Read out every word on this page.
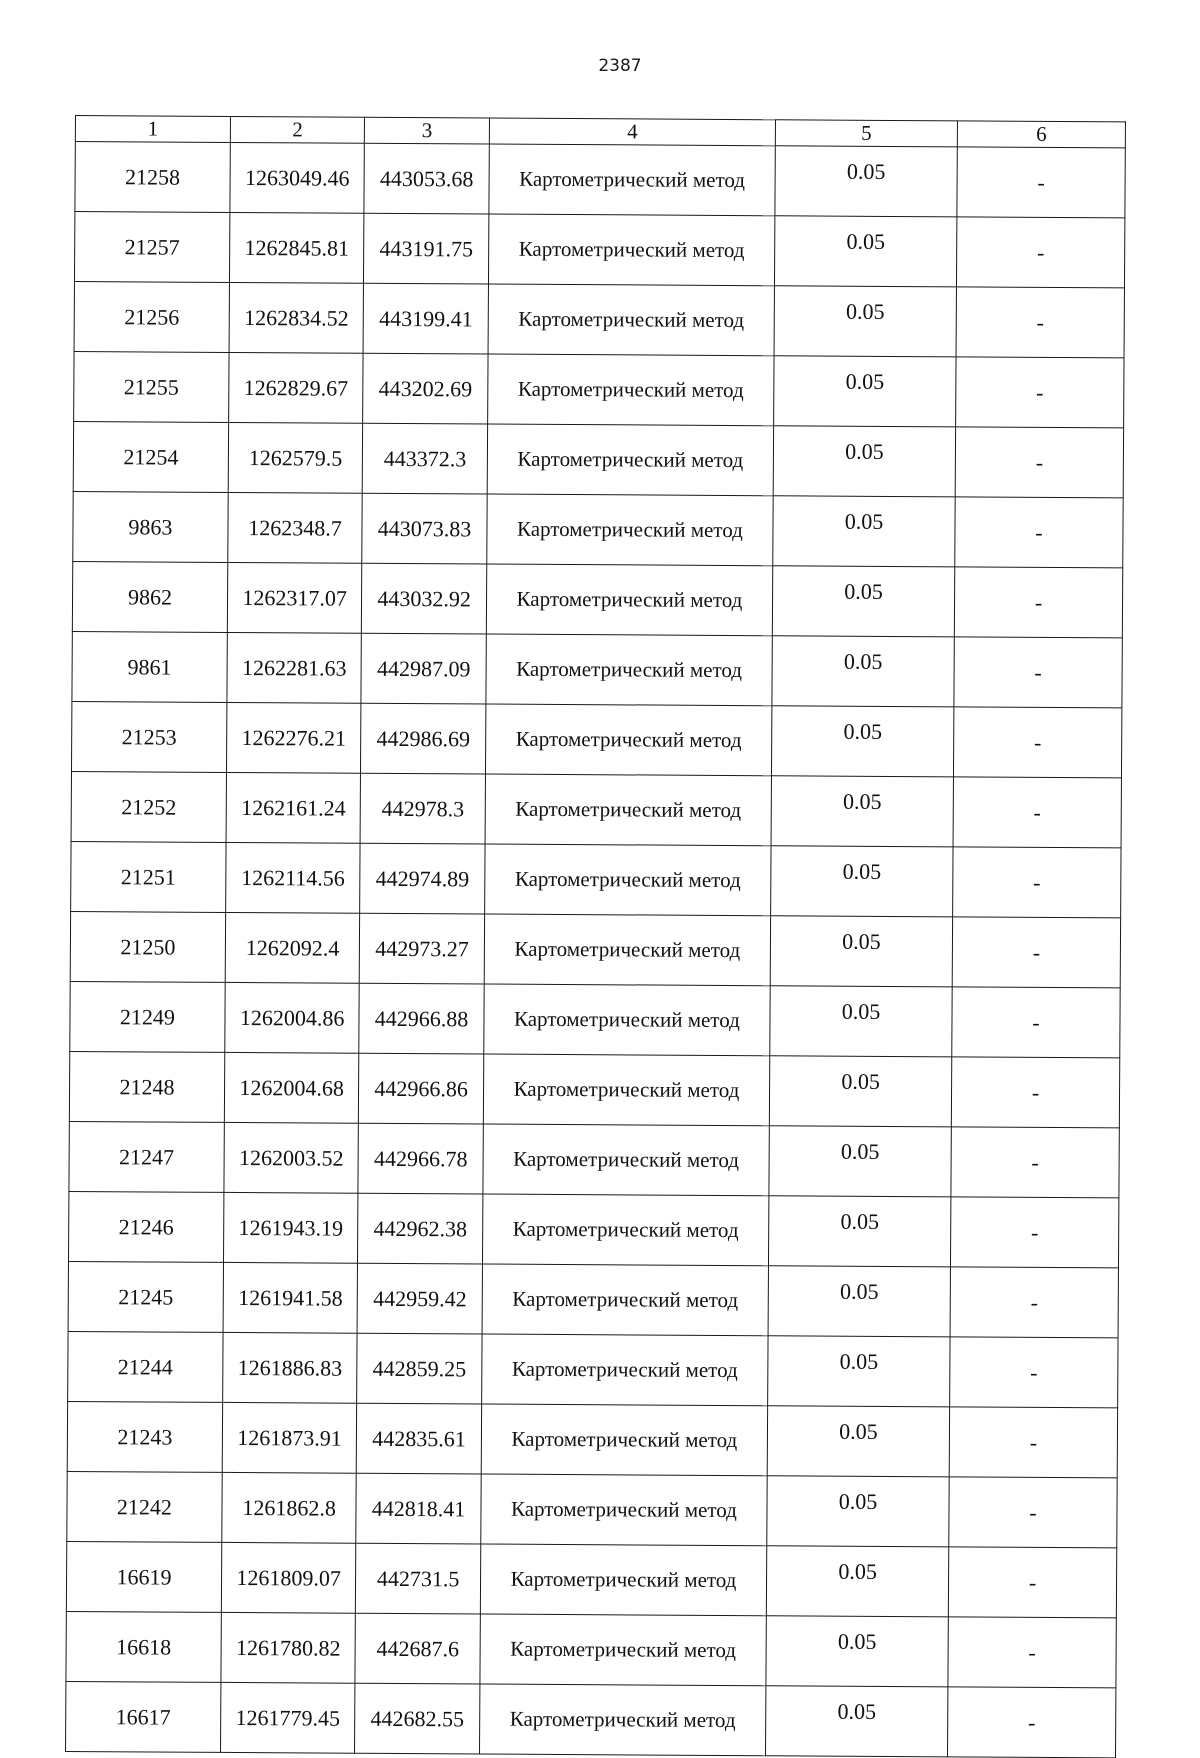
2387
1	2	3	4	5	6
21258	1263049.46	443053.68	Картометрический метод	0.05	-
21257	1262845.81	443191.75	Картометрический метод	0.05	-
21256	1262834.52	443199.41	Картометрический метод	0.05	-
21255	1262829.67	443202.69	Картометрический метод	0.05	-
21254	1262579.5	443372.3	Картометрический метод	0.05	-
9863	1262348.7	443073.83	Картометрический метод	0.05	-
9862	1262317.07	443032.92	Картометрический метод	0.05	-
9861	1262281.63	442987.09	Картометрический метод	0.05	-
21253	1262276.21	442986.69	Картометрический метод	0.05	-
21252	1262161.24	442978.3	Картометрический метод	0.05	-
21251	1262114.56	442974.89	Картометрический метод	0.05	-
21250	1262092.4	442973.27	Картометрический метод	0.05	-
21249	1262004.86	442966.88	Картометрический метод	0.05	-
21248	1262004.68	442966.86	Картометрический метод	0.05	-
21247	1262003.52	442966.78	Картометрический метод	0.05	-
21246	1261943.19	442962.38	Картометрический метод	0.05	-
21245	1261941.58	442959.42	Картометрический метод	0.05	-
21244	1261886.83	442859.25	Картометрический метод	0.05	-
21243	1261873.91	442835.61	Картометрический метод	0.05	-
21242	1261862.8	442818.41	Картометрический метод	0.05	-
16619	1261809.07	442731.5	Картометрический метод	0.05	-
16618	1261780.82	442687.6	Картометрический метод	0.05	-
16617	1261779.45	442682.55	Картометрический метод	0.05	-
